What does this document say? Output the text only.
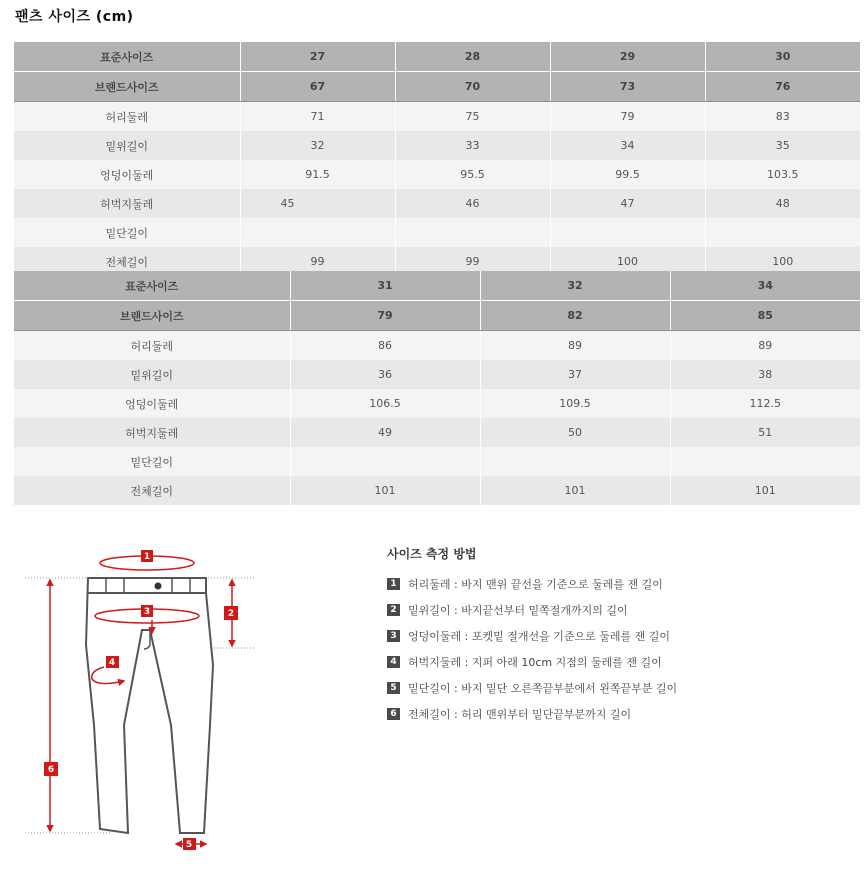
팬츠 사이즈 (cm)
표준사이즈	27	28	29	30
브랜드사이즈	67	70	73	76
허리둘레	71	75	79	83
밑위길이	32	33	34	35
엉덩이둘레	91.5	95.5	99.5	103.5
허벅지둘레	45	46	47	48
밑단길이				
전체길이	99	99	100	100
표준사이즈	31	32	34
브랜드사이즈	79	82	85
허리둘레	86	89	89
밑위길이	36	37	38
엉덩이둘레	106.5	109.5	112.5
허벅지둘레	49	50	51
밑단길이			
전체길이	101	101	101
1
2
3
4
5
6
사이즈 측정 방법
1	허리둘레 : 바지 맨위 끝선을 기준으로 둘레를 잰 길이
2	밑위길이 : 바지끝선부터 밑쪽절개까지의 길이
3	엉덩이둘레 : 포켓밑 절개선을 기준으로 둘레를 잰 길이
4	허벅지둘레 : 지퍼 아래 10cm 지점의 둘레를 잰 길이
5	밑단길이 : 바지 밑단 오른쪽끝부분에서 왼쪽끝부분 길이
6	전체길이 : 허리 맨위부터 밑단끝부분까지 길이
